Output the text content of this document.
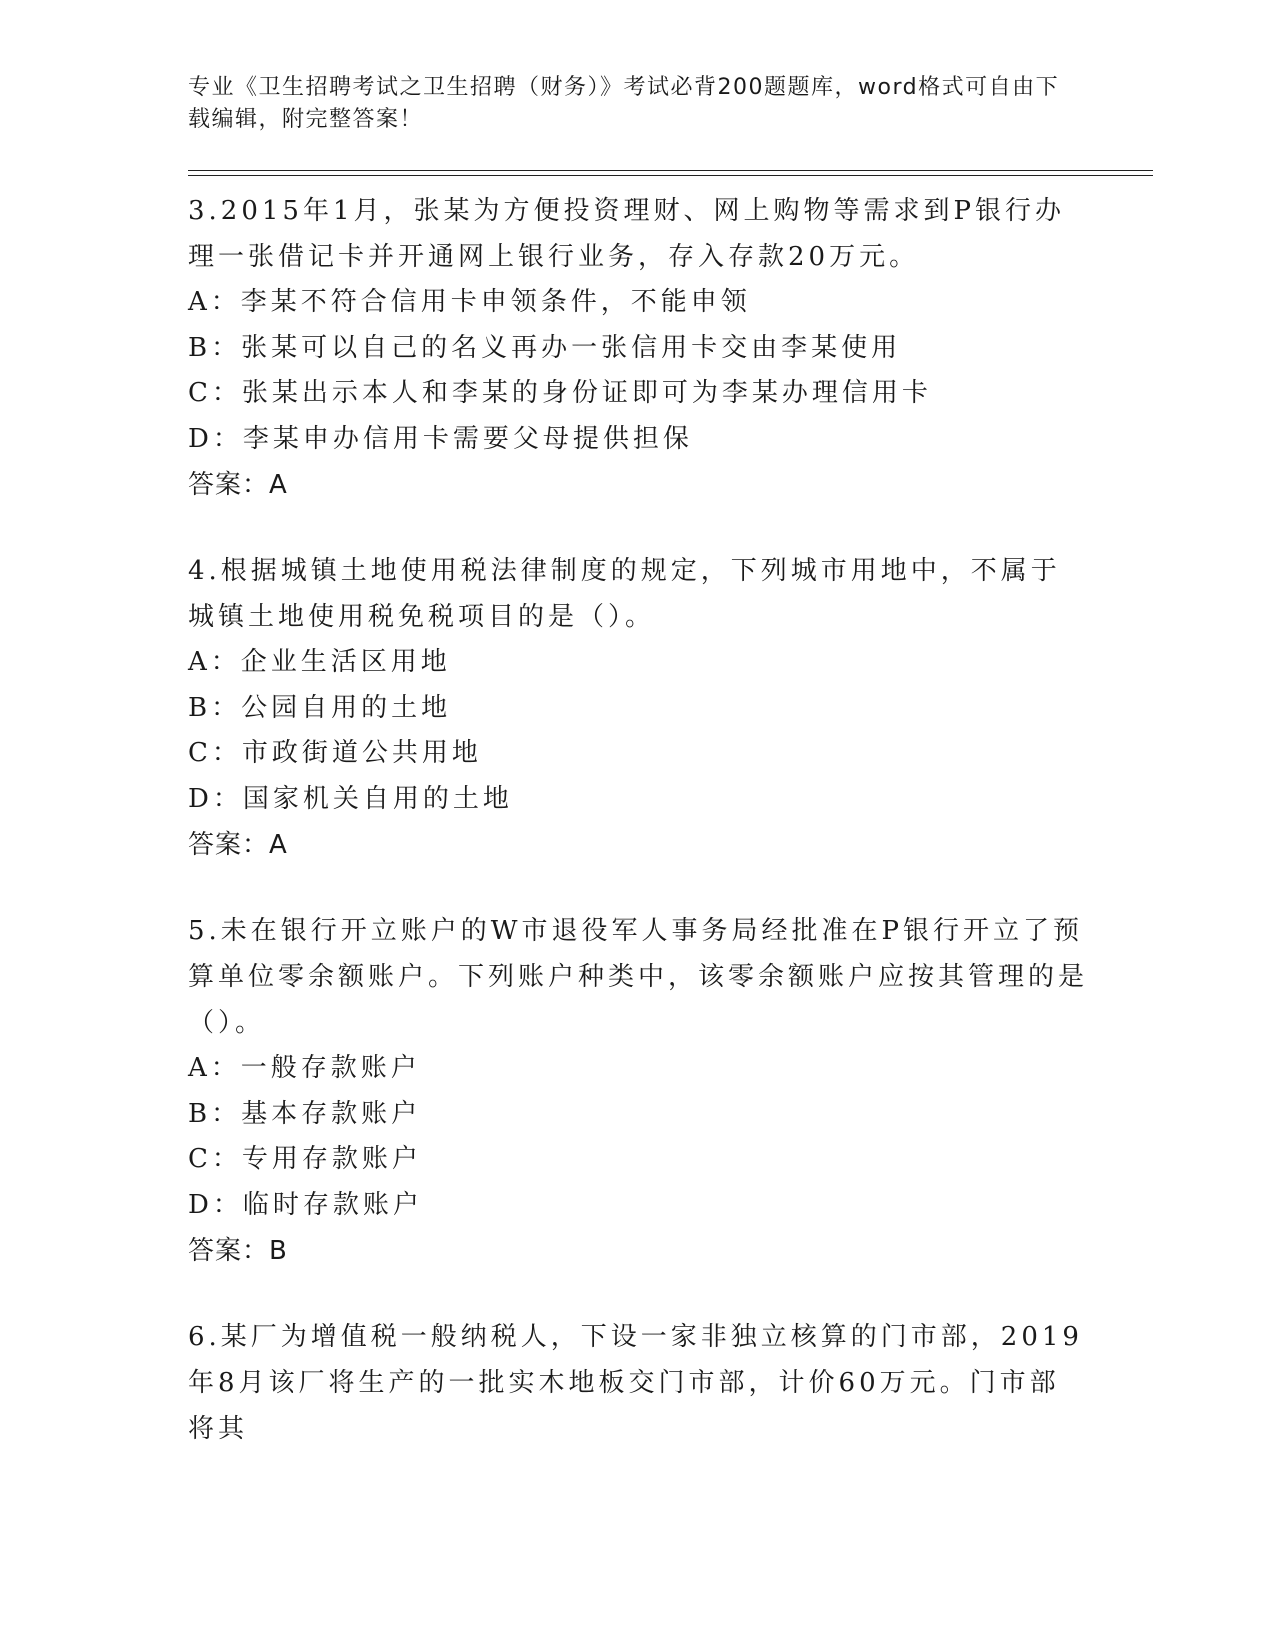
专业《卫生招聘考试之卫生招聘（财务）》考试必背200题题库，word格式可自由下载编辑，附完整答案！

3.2015年1月，张某为方便投资理财、网上购物等需求到P银行办理一张借记卡并开通网上银行业务，存入存款20万元。

A：李某不符合信用卡申领条件，不能申领

B：张某可以自己的名义再办一张信用卡交由李某使用

C：张某出示本人和李某的身份证即可为李某办理信用卡

D：李某申办信用卡需要父母提供担保

答案：A

4.根据城镇土地使用税法律制度的规定，下列城市用地中，不属于城镇土地使用税免税项目的是（）。

A：企业生活区用地

B：公园自用的土地

C：市政街道公共用地

D：国家机关自用的土地

答案：A

5.未在银行开立账户的W市退役军人事务局经批准在P银行开立了预算单位零余额账户。下列账户种类中，该零余额账户应按其管理的是（）。

A：一般存款账户

B：基本存款账户

C：专用存款账户

D：临时存款账户

答案：B

6.某厂为增值税一般纳税人，下设一家非独立核算的门市部，2019年8月该厂将生产的一批实木地板交门市部，计价60万元。门市部将其
